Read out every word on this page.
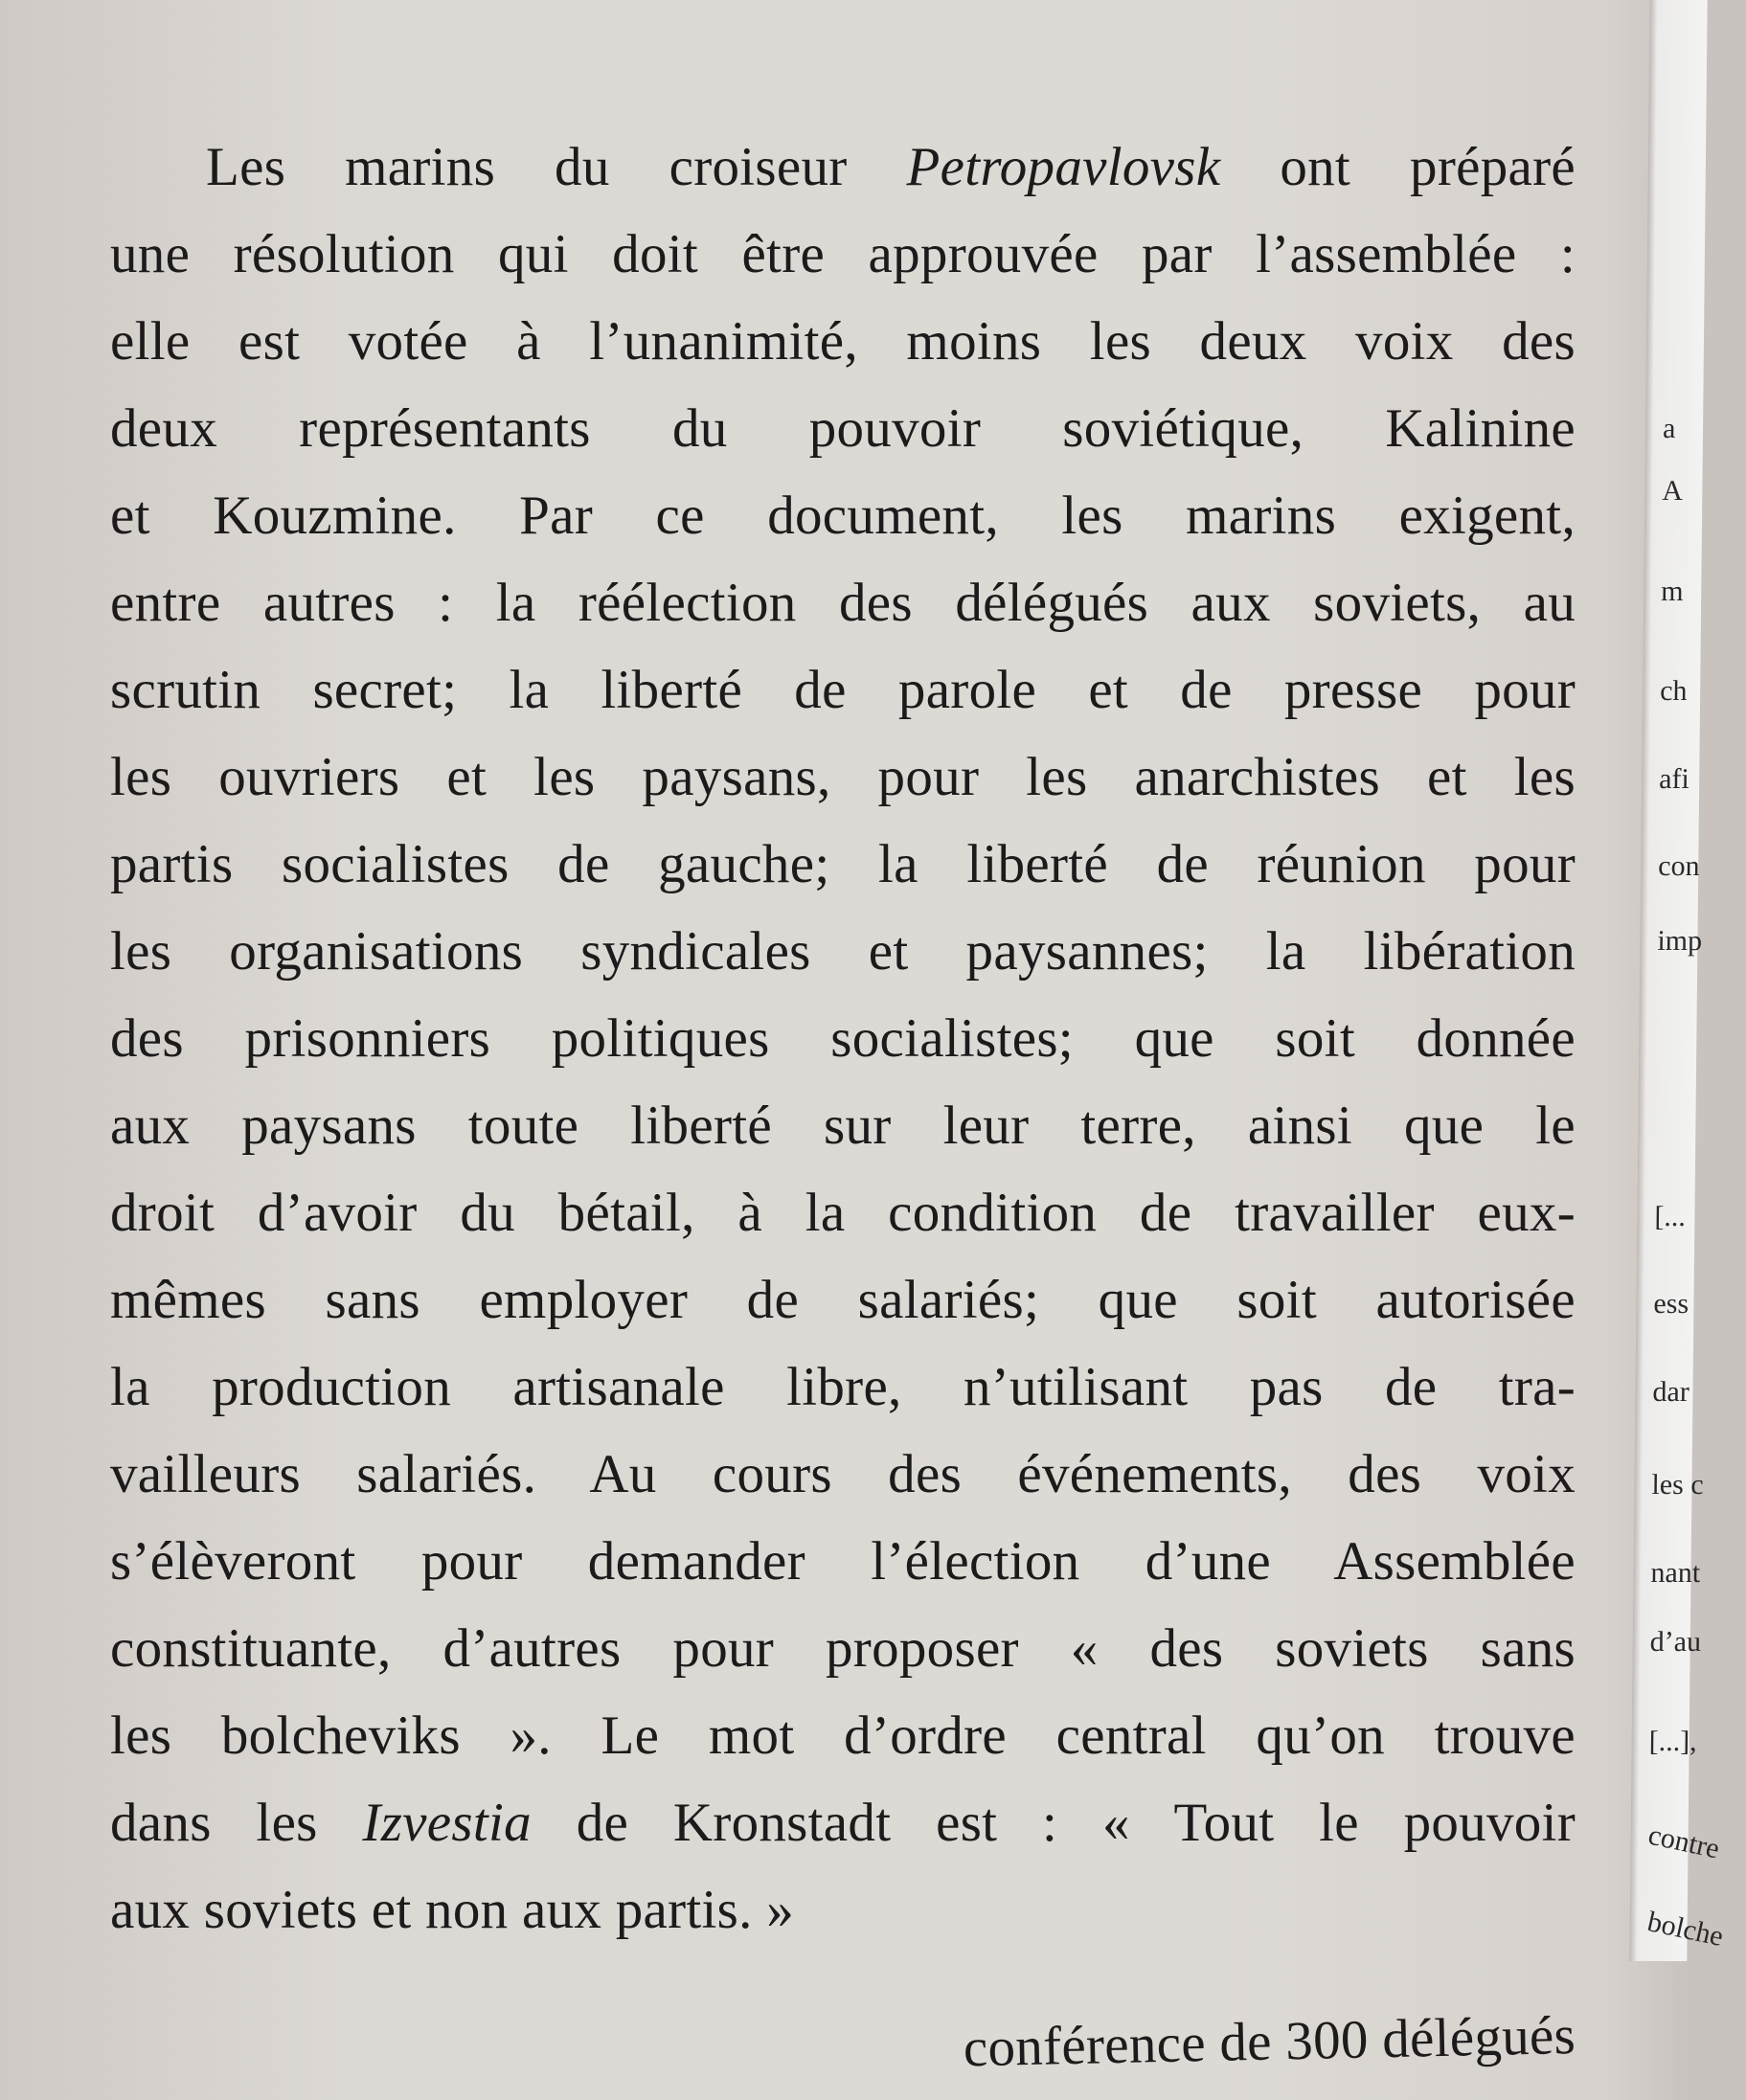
Les marins du croiseur Petropavlovsk ont préparé
une résolution qui doit être approuvée par l’assemblée :
elle est votée à l’unanimité, moins les deux voix des
deux représentants du pouvoir soviétique, Kalinine
et Kouzmine. Par ce document, les marins exigent,
entre autres : la réélection des délégués aux soviets, au
scrutin secret; la liberté de parole et de presse pour
les ouvriers et les paysans, pour les anarchistes et les
partis socialistes de gauche; la liberté de réunion pour
les organisations syndicales et paysannes; la libération
des prisonniers politiques socialistes; que soit donnée
aux paysans toute liberté sur leur terre, ainsi que le
droit d’avoir du bétail, à la condition de travailler eux-
mêmes sans employer de salariés; que soit autorisée
la production artisanale libre, n’utilisant pas de tra-
vailleurs salariés. Au cours des événements, des voix
s’élèveront pour demander l’élection d’une Assemblée
constituante, d’autres pour proposer « des soviets sans
les bolcheviks ». Le mot d’ordre central qu’on trouve
dans les Izvestia de Kronstadt est : « Tout le pouvoir
aux soviets et non aux partis. »
conférence de 300 délégués
a
A
m
ch
afi
con
imp
[...
ess
dar
les c
nant
d’au
[...],
contre
bolche
